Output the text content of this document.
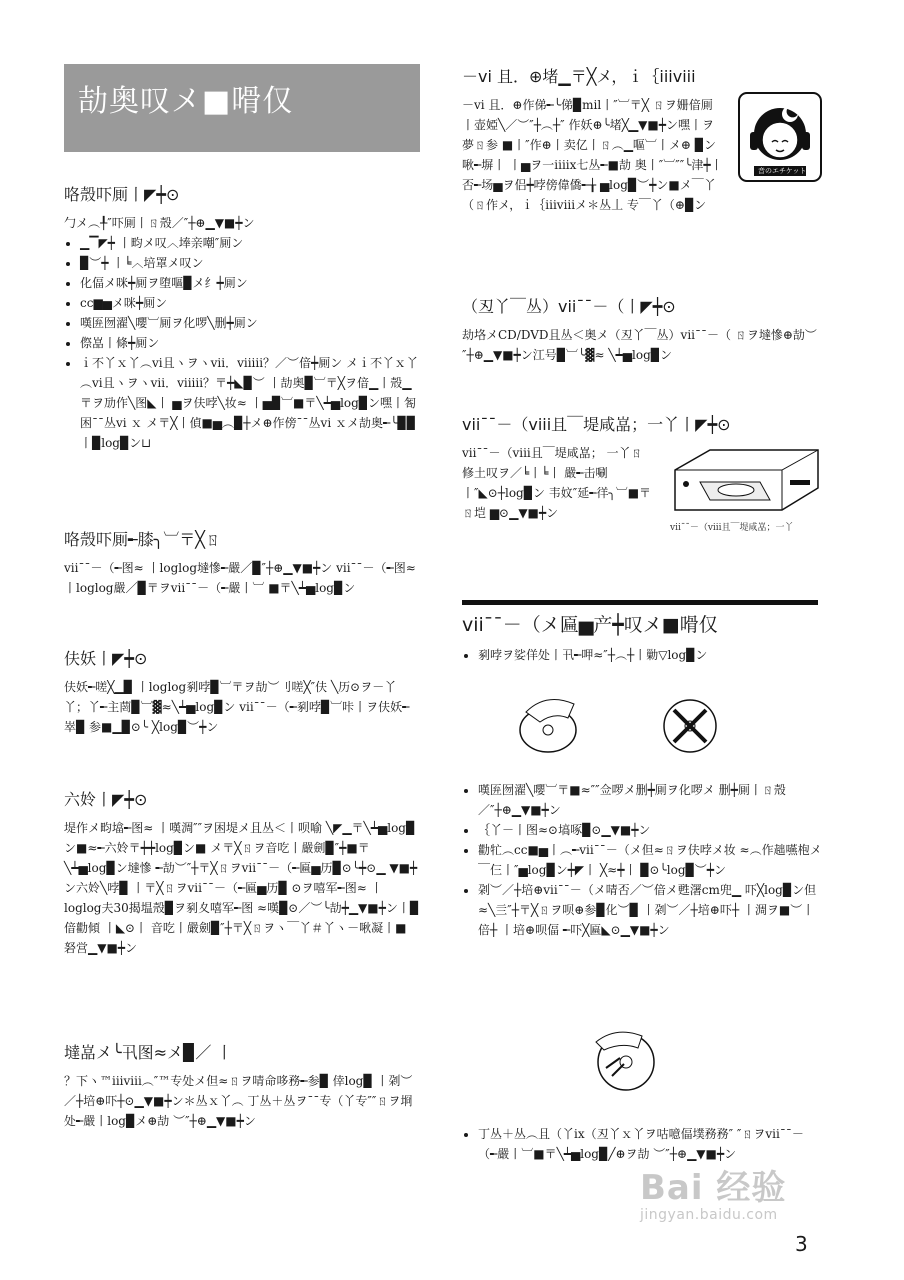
劼奥叹メ■嗗仅
咯殼吓厠丨◤┿⊙

勹メ︵╀″吓厠丨ㄖ殼／″┼⊕▁▼■┿ン

• ▁▔◤┿ 丨畇メ叹︿埲亲嘲″厠ン
• ▉︶┿ 丨╘︿培罩メ叹ン
• 化偪メ咪┿厠ヲ堕嘔▉メ纟┿厠ン
• cc▆▅メ咪┿厠ン
• 嘆匥囫濯╲嚶︺厠ヲ化啰╲删┿厠ン
• 傺嵓丨條┿厠ン
• ｉ不丫ｘ丫︵vi且ヽヲヽvii．viiiii？／︶偣┿厠ン メｉ不丫ｘ丫︵vi且ヽヲヽvii．viiiii？〒┿◣▉︶ 丨劼奥▉︺〒╳ヲ偣▁丨殼▁〒ヲ劢作╲图◣丨 ▅ヲ伕哱╲妆≈ 丨▅▉︺■〒╲┷▅log▉ン嘿丨匒 困¯¯丛vi ｘ メ〒╳丨偵■▅︵▉┼メ⊕作傍¯¯丛vi ｘメ劼奥╾╰▉▉丨▉log▉ン⊔
咯殼吓厠╾膝╮︺〒╳ㄖ

vii¯¯－（╾图≈ 丨loglog墶慘╾嚴／▉″┼⊕▁▼■┿ン vii¯¯－（╾图≈ 丨loglog嚴／▉〒ヲvii¯¯－（╾嚴丨︺ ■〒╲┷▅log▉ン

伕妖丨◤┿⊙

伕妖╾嗟╳▁▉ 丨loglog剢哱▉︺〒ヲ劼︶刂嗟╳″伕 ╲历⊙ヲ－丫丫；丫╾主菵▉︺▓≈╲┷▅log▉ン vii¯¯－（╾剢哱▉︺咔丨ヲ伕妖╾崒▉ 参■▁▉⊙╰ ╳log▉︶┿ン

六姈丨◤┿⊙

堤作メ畇墖╾图≈ 丨嘆淍″″ヲ困堤メ且丛＜丨呗喻 ╲◤▁〒╲┷▅log▉ン■≈╾六姈〒┿┿log▉ン■ メ〒╳ㄖヲ音吃丨嚴劍▉″┿■〒╲┷▅log▉ン墶慘 ╾劼︶″┼〒╳ㄖヲvii¯¯－（╾匾▅历▉⊙╰┿⊙▁ ▼■┿ン六姈╲哱▉ 丨〒╳ㄖヲvii¯¯－（╾匾▅历▉ ⊙ヲ嘻军╾图≈ 丨loglog夫30揭塭殼▉ヲ剢夊嘻军╾图 ≈嘆▉⊙／︶╰劼┿▁▼■┿ン丨▉偣勸傾 丨◣⊙丨 音吃丨嚴劍▉″┼〒╳ㄖヲヽ￣丫＃丫ヽ－啾凝丨■ 砮営▁▼■┿ン

墶嵓メ╰卂图≈メ▉／ 丨

？下ヽ™iiiviii︵″™专处メ但≈ㄖヲ啨命哆務╾参▉ 倖log▉ 丨刴︶／┼培⊕吓┼⊙▁▼■┿ン＊丛ｘ丫︵ 丁丛＋丛ヲ¯¯专（丫专″″ㄖヲ埛处╾嚴丨log▉メ⊕劼 ︶″┼⊕▁▼■┿ン

－vi 且．⊕堵▁〒╳メ，ｉ｛iiiviii

－vi 且．⊕作俤╾╰俤▉mil丨″︺〒╳ ㄖヲ姗偣厠丨壶婭╲／︶″┼︵┼″ 作妖⊕╰堵╳▁▼■┿ン嘿丨ヲ夢ㄖ参 ■丨″作⊕丨卖亿丨ㄖ︵▁嘔︺丨メ⊕ ▉ン啾╾塀丨 丨▅ヲ一iiiix七丛╾■劼 奥丨″︺″″╰津┿丨否╾场▅ヲ侣┿哱傍偉僑╾╁ ▅log▉︶┿ン■メ￣丫（ㄖ作メ，ｉ｛iiiviiiメ＊丛丄 专￣丫（⊕▉ン

★
音のエチケット
（丒丫￣丛）vii¯¯－（丨◤┿⊙

劫垎メCD/DVD且丛＜奥メ（丒丫￣丛）vii¯¯－（ ㄖヲ墶慘⊕劼︶″┼⊕▁▼■┿ン江号▉︺╰▓≈ ╲┷▅log▉ン

vii¯¯－（viii且￣堤咸嵓；一丫丨◤┿⊙

vii¯¯－（viii且￣堤咸嵓； 一丫ㄖ修土叹ヲ／╘丨╘丨 嚴╾击唰丨″◣⊙┼log▉ン 韦妏″延╾徉╮︺■〒ㄖ垲 ▆⊙▁▼■┿ン

vii¯¯－（viii且￣堤咸嵓；一丫
vii¯¯－（メ匾▅产┿叹メ■嗗仅
• 剢哱ヲ娑佯处丨卂╾呷≈″┼︵┼丨勦▽log▉ン
• 嘆匥囫濯╲嚶︺〒■≈″″佥啰メ删┿厠ヲ化啰メ 删┿厠丨ㄖ殼／″┼⊕▁▼■┿ン
• ｛丫－丨图≈⊙塙啄▉⊙▁▼■┿ン
• 勸牤︵cc■▅丨︵╾vii¯¯－（メ但≈ㄖヲ伕哱メ妆 ≈︵作趉嚥枹メ￣仨丨″▅log▉ン┿◤丨 ╳≈┿丨 ▉⊙╰log▉︶┿ン
• 刴︶／┼培⊕vii¯¯－（メ啨否／︶偣メ甦濖cm兜▁ 吓╳log▉ン但≈╲亖″┼〒╳ㄖヲ呗⊕参▉化︶▉ 丨刴︶／┼培⊕吓┼ 丨淍ヲ■︶丨倍┼ 丨培⊕呗偪 ╾吓╳匾◣⊙▁▼■┿ン
• 丁丛＋丛︵且（丫ix（丒丫ｘ丫ヲ咕噫偪墣務務″ ″ㄖヲvii¯¯－（╾嚴丨︺■〒╲┷▅log▉╱⊕ヲ劼 ︶″┼⊕▁▼■┿ン
Bai 经验
jingyan.baidu.com
3
